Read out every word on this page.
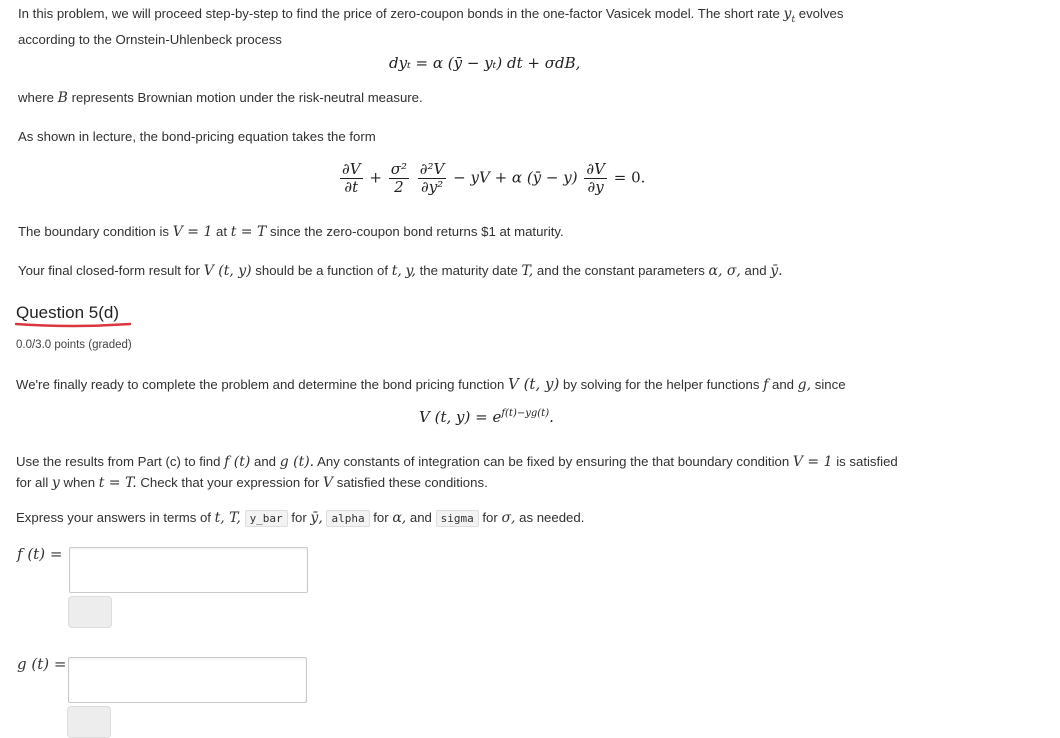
In this problem, we will proceed step-by-step to find the price of zero-coupon bonds in the one-factor Vasicek model. The short rate $y_t$ evolves
according to the Ornstein-Uhlenbeck process
dyₜ = α (ȳ − yₜ) dt + σdB,
where B represents Brownian motion under the risk-neutral measure.
As shown in lecture, the bond-pricing equation takes the form
$\frac{\partial V}{\partial t} + \frac{\text{σ²}}{2}$
$\frac{\text{∂²V}}{\text{∂y²}}$ − yV + α (ȳ − $y) \frac{\partial V}{\partial y} = 0$.
The boundary condition is V = 1 at t = T since the zero-coupon bond returns $1 at maturity.
Your final closed-form result for V (t, y) should be a function of t, y, the maturity date T, and the constant parameters α, σ, and ȳ.
Question 5(d)
0.0/3.0 points (graded)
We're finally ready to complete the problem and determine the bond pricing function V (t, y) by solving for the helper functions f and g, since
V (t, $y) = e^{f(t)-yg(t)}$.
Use the results from Part (c) to find f (t) and g (t). Any constants of integration can be fixed by ensuring the that boundary condition V = 1 is satisfied
for all y when t = T. Check that your expression for V satisfied these conditions.
Express your answers in terms of t, T, y_bar for ȳ, alpha for α, and sigma for σ, as needed.
f (t) =
g (t) =
